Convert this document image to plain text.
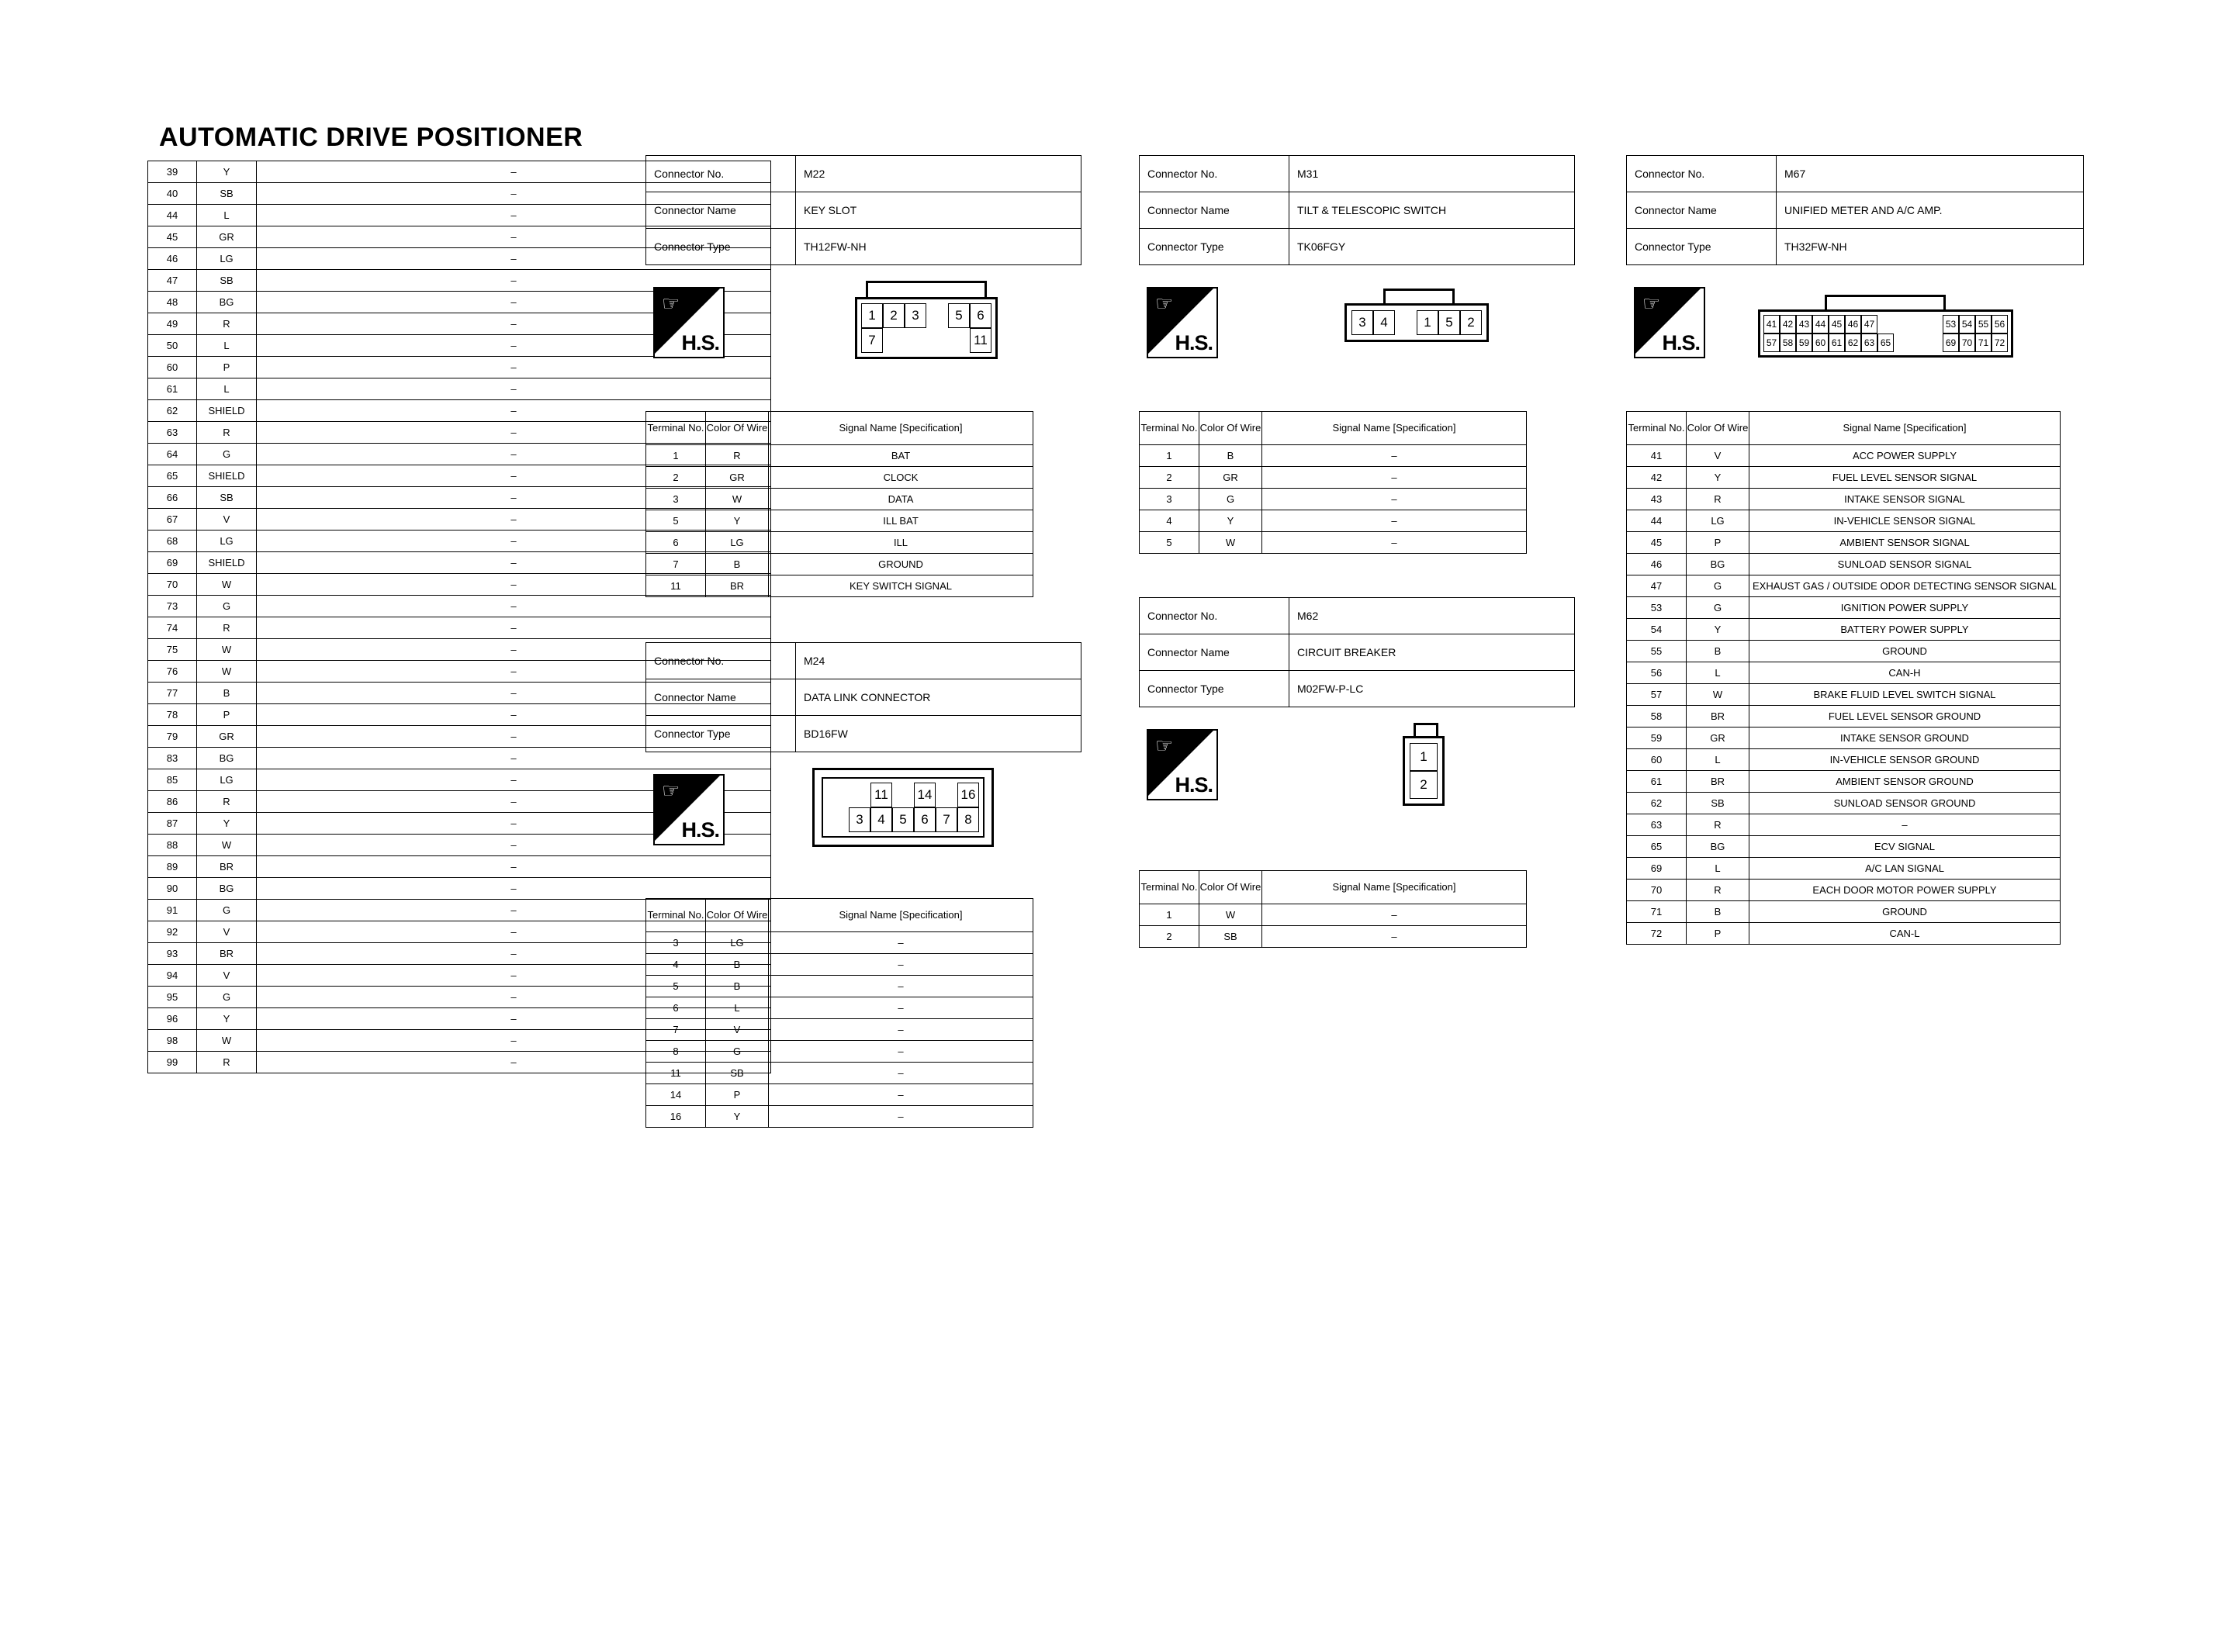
AUTOMATIC DRIVE POSITIONER
39	Y	–
40	SB	–
44	L	–
45	GR	–
46	LG	–
47	SB	–
48	BG	–
49	R	–
50	L	–
60	P	–
61	L	–
62	SHIELD	–
63	R	–
64	G	–
65	SHIELD	–
66	SB	–
67	V	–
68	LG	–
69	SHIELD	–
70	W	–
73	G	–
74	R	–
75	W	–
76	W	–
77	B	–
78	P	–
79	GR	–
83	BG	–
85	LG	–
86	R	–
87	Y	–
88	W	–
89	BR	–
90	BG	–
91	G	–
92	V	–
93	BR	–
94	V	–
95	G	–
96	Y	–
98	W	–
99	R	–
Connector No.	M22
Connector Name	KEY SLOT
Connector Type	TH12FW-NH
☞
H.S.
1	2	3	5	6
7	11
Terminal No.	Color Of Wire	Signal Name [Specification]
1	R	BAT
2	GR	CLOCK
3	W	DATA
5	Y	ILL BAT
6	LG	ILL
7	B	GROUND
11	BR	KEY SWITCH SIGNAL
Connector No.	M24
Connector Name	DATA LINK CONNECTOR
Connector Type	BD16FW
☞
H.S.
11	14 16
3	4	5	6	7	8
Terminal No.	Color Of Wire	Signal Name [Specification]
3	LG	–
4	B	–
5	B	–
6	L	–
7	V	–
8	G	–
11	SB	–
14	P	–
16	Y	–
Connector No.	M31
Connector Name	TILT & TELESCOPIC SWITCH
Connector Type	TK06FGY
☞
H.S.
3	4	1	5	2
Terminal No.	Color Of Wire	Signal Name [Specification]
1	B	–
2	GR	–
3	G	–
4	Y	–
5	W	–
Connector No.	M62
Connector Name	CIRCUIT BREAKER
Connector Type	M02FW-P-LC
☞
H.S.
1
2
Terminal No.	Color Of Wire	Signal Name [Specification]
1	W	–
2	SB	–
Connector No.	M67
Connector Name	UNIFIED METER AND A/C AMP.
Connector Type	TH32FW-NH
☞
H.S.
41 42 43 44 45 46 47
57 58 59 60 61 62 63 65
53 54 55 56
69 70 71 72
Terminal No.	Color Of Wire	Signal Name [Specification]
41	V	ACC POWER SUPPLY
42	Y	FUEL LEVEL SENSOR SIGNAL
43	R	INTAKE SENSOR SIGNAL
44	LG	IN-VEHICLE SENSOR SIGNAL
45	P	AMBIENT SENSOR SIGNAL
46	BG	SUNLOAD SENSOR SIGNAL
47	G	EXHAUST GAS / OUTSIDE ODOR DETECTING SENSOR SIGNAL
53	G	IGNITION POWER SUPPLY
54	Y	BATTERY POWER SUPPLY
55	B	GROUND
56	L	CAN-H
57	W	BRAKE FLUID LEVEL SWITCH SIGNAL
58	BR	FUEL LEVEL SENSOR GROUND
59	GR	INTAKE SENSOR GROUND
60	L	IN-VEHICLE SENSOR GROUND
61	BR	AMBIENT SENSOR GROUND
62	SB	SUNLOAD SENSOR GROUND
63	R	–
65	BG	ECV SIGNAL
69	L	A/C LAN SIGNAL
70	R	EACH DOOR MOTOR POWER SUPPLY
71	B	GROUND
72	P	CAN-L
